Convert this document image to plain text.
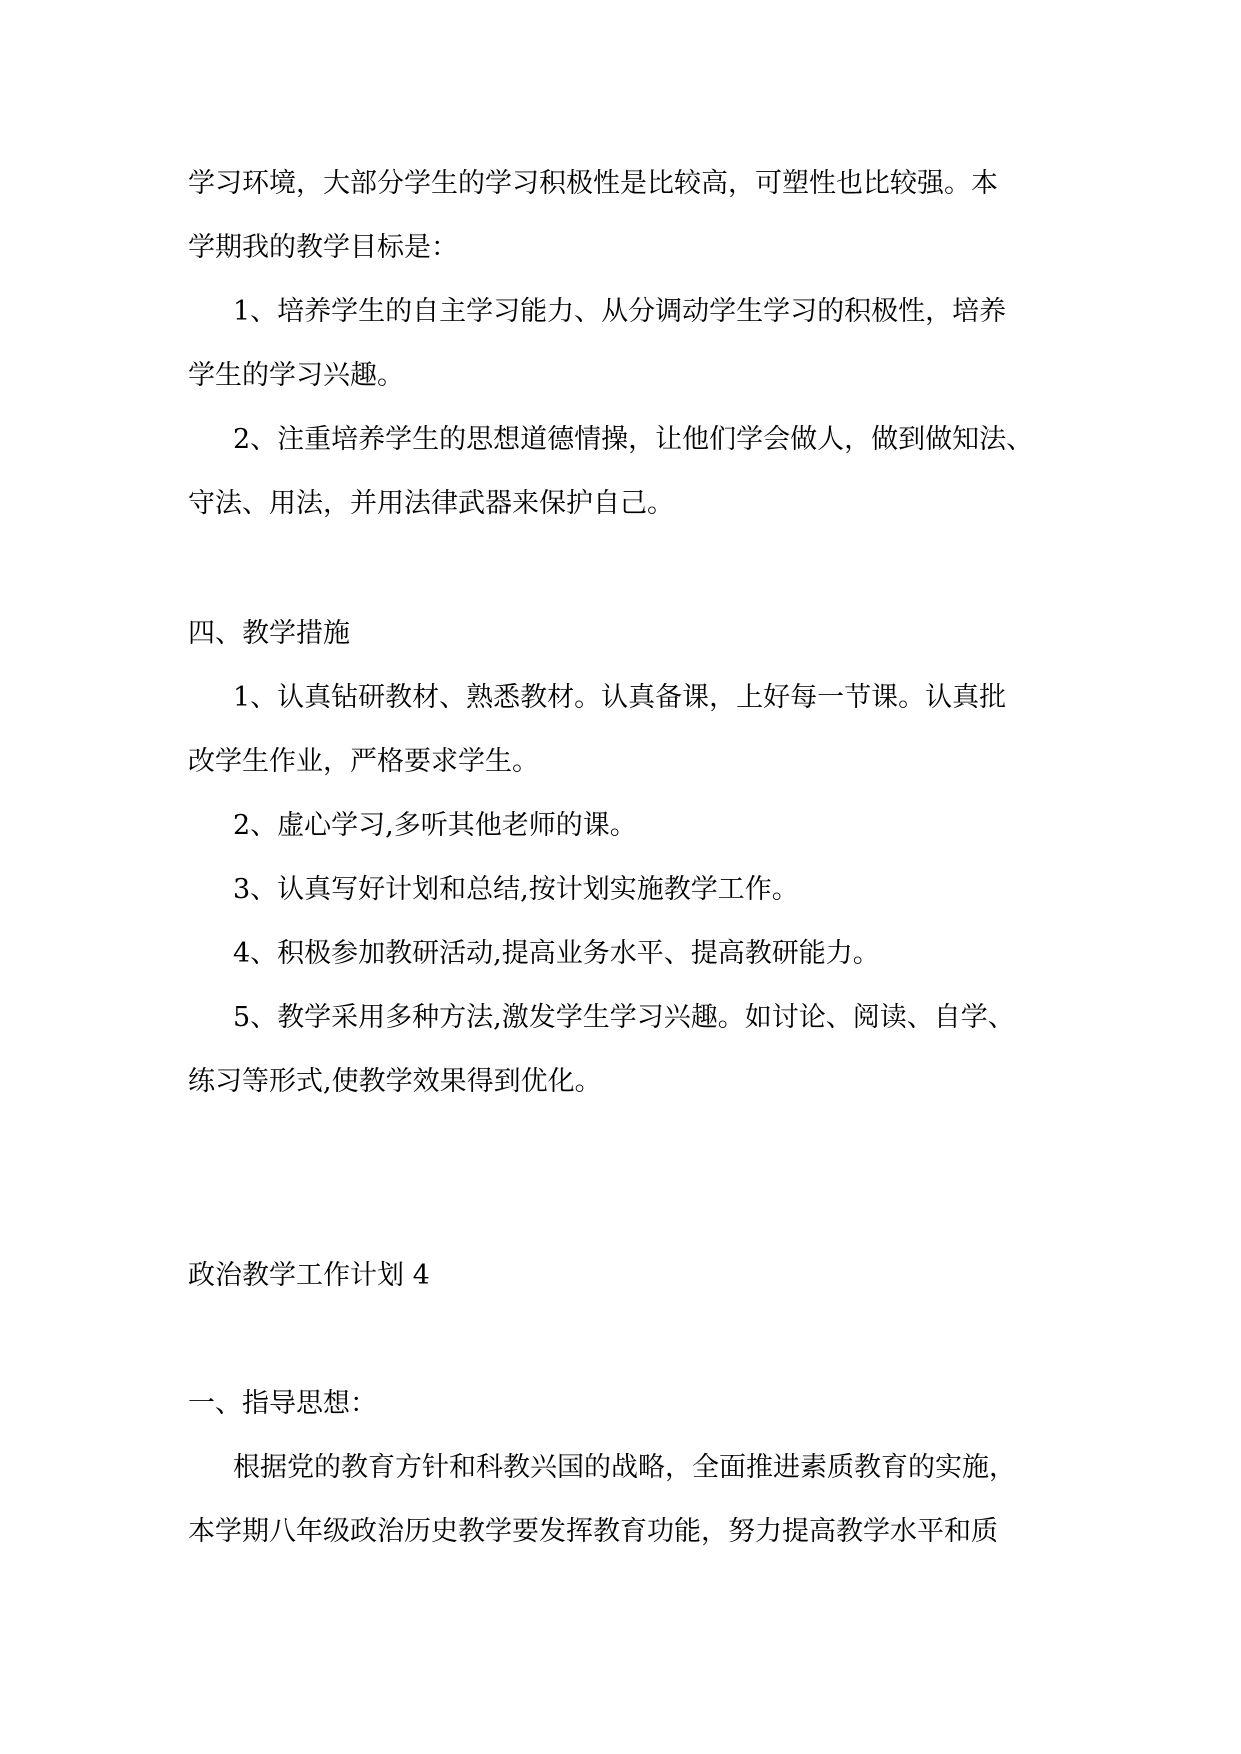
学习环境，大部分学生的学习积极性是比较高，可塑性也比较强。本
学期我的教学目标是：
1、培养学生的自主学习能力、从分调动学生学习的积极性，培养
学生的学习兴趣。
2、注重培养学生的思想道德情操，让他们学会做人，做到做知法、
守法、用法，并用法律武器来保护自己。
四、教学措施
1、认真钻研教材、熟悉教材。认真备课，上好每一节课。认真批
改学生作业，严格要求学生。
2、虚心学习,多听其他老师的课。
3、认真写好计划和总结,按计划实施教学工作。
4、积极参加教研活动,提高业务水平、提高教研能力。
5、教学采用多种方法,激发学生学习兴趣。如讨论、阅读、自学、
练习等形式,使教学效果得到优化。
政治教学工作计划 4
一、指导思想：
根据党的教育方针和科教兴国的战略，全面推进素质教育的实施，
本学期八年级政治历史教学要发挥教育功能，努力提高教学水平和质
